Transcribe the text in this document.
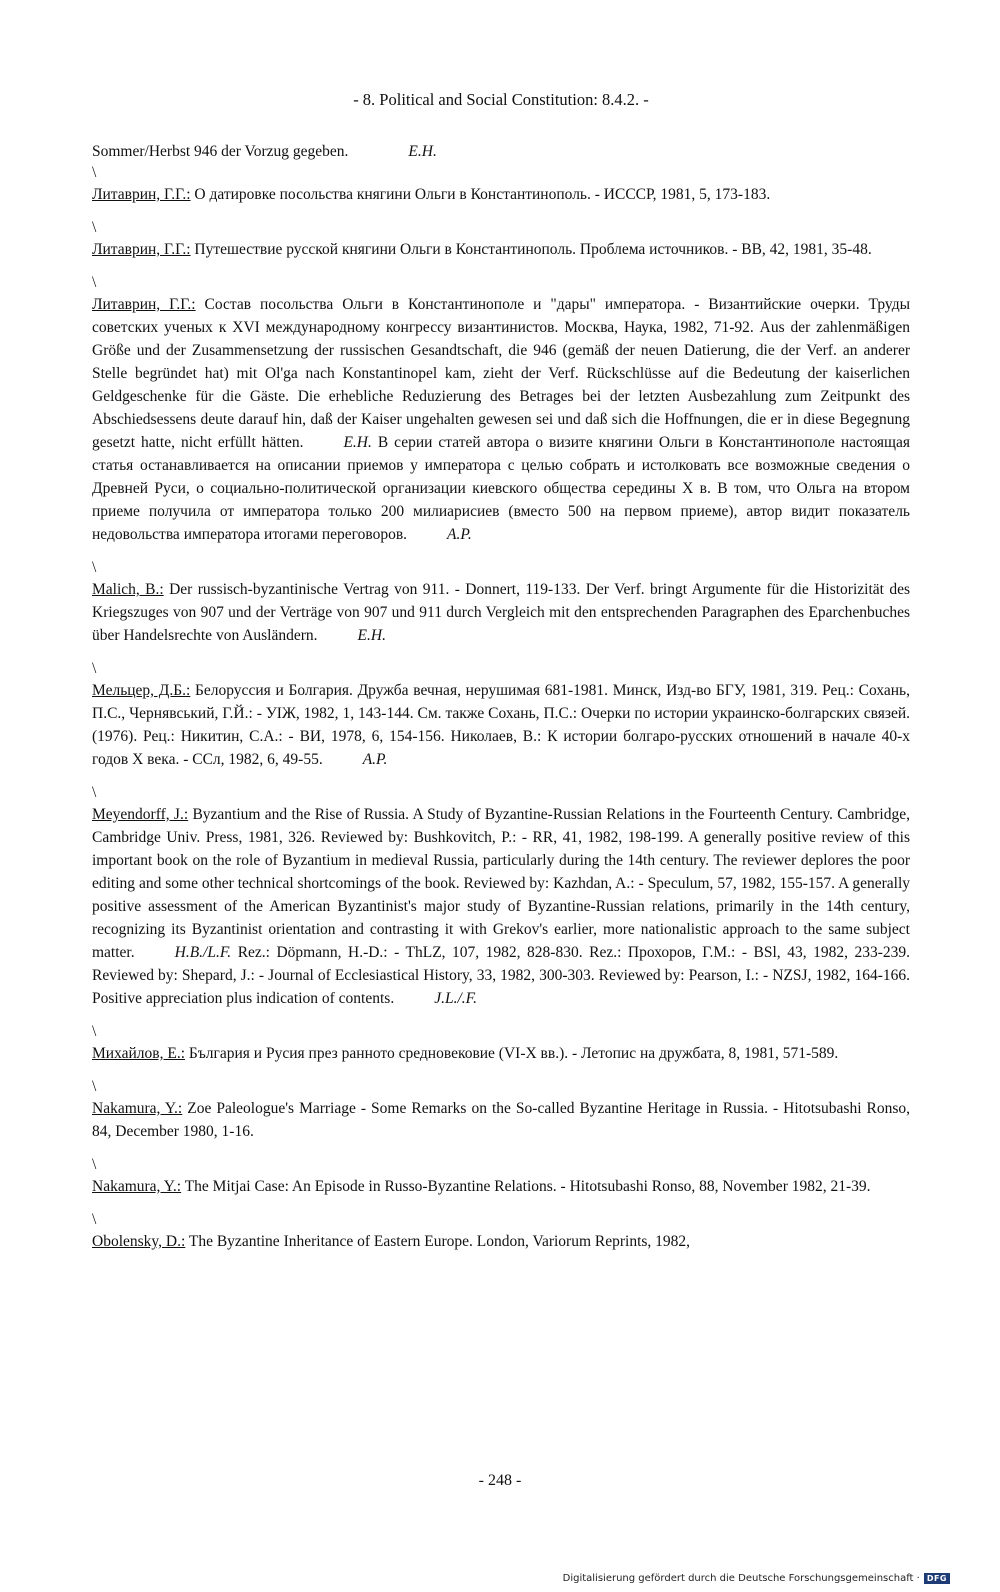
- 8. Political and Social Constitution: 8.4.2. -

Sommer/Herbst 946 der Vorzug gegeben.	E.H.

\
Литаврин, Г.Г.: О датировке посольства княгини Ольги в Константинополь. - ИСССР, 1981, 5, 173-183.

\
Литаврин, Г.Г.: Путешествие русской княгини Ольги в Константинополь. Проблема источников. - BB, 42, 1981, 35-48.

\
Литаврин, Г.Г.: Состав посольства Ольги в Константинополе и "дары" императора. - Византийские очерки. Труды советских ученых к XVI международному конгрессу византинистов. Москва, Наука, 1982, 71-92. Aus der zahlenmäßigen Größe und der Zusammensetzung der russischen Gesandtschaft, die 946 (gemäß der neuen Datierung, die der Verf. an anderer Stelle begründet hat) mit Ol'ga nach Konstantinopel kam, zieht der Verf. Rückschlüsse auf die Bedeutung der kaiserlichen Geldgeschenke für die Gäste. Die erhebliche Reduzierung des Betrages bei der letzten Ausbezahlung zum Zeitpunkt des Abschiedsessens deute darauf hin, daß der Kaiser ungehalten gewesen sei und daß sich die Hoffnungen, die er in diese Begegnung gesetzt hatte, nicht erfüllt hätten.	E.H. В серии статей автора о визите княгини Ольги в Константинополе настоящая статья останавливается на описании приемов у императора с целью собрать и истолковать все возможные сведения о Древней Руси, о социально-политической организации киевского общества середины X в. В том, что Ольга на втором приеме получила от императора только 200 милиарисиев (вместо 500 на первом приеме), автор видит показатель недовольства императора итогами переговоров.	A.P.

\
Malich, B.: Der russisch-byzantinische Vertrag von 911. - Donnert, 119-133. Der Verf. bringt Argumente für die Historizität des Kriegszuges von 907 und der Verträge von 907 und 911 durch Vergleich mit den entsprechenden Paragraphen des Eparchenbuches über Handelsrechte von Ausländern.	E.H.

\
Мельцер, Д.Б.: Белоруссия и Болгария. Дружба вечная, нерушимая 681-1981. Минск, Изд-во БГУ, 1981, 319. Рец.: Сохань, П.С., Чернявський, Г.Й.: - УІЖ, 1982, 1, 143-144. См. также Сохань, П.С.: Очерки по истории украинско-болгарских связей. (1976). Рец.: Никитин, С.А.: - ВИ, 1978, 6, 154-156. Николаев, В.: К истории болгаро-русских отношений в начале 40-х годов X века. - ССл, 1982, 6, 49-55.	A.P.

\
Meyendorff, J.: Byzantium and the Rise of Russia. A Study of Byzantine-Russian Relations in the Fourteenth Century. Cambridge, Cambridge Univ. Press, 1981, 326. Reviewed by: Bushkovitch, P.: - RR, 41, 1982, 198-199. A generally positive review of this important book on the role of Byzantium in medieval Russia, particularly during the 14th century. The reviewer deplores the poor editing and some other technical shortcomings of the book. Reviewed by: Kazhdan, A.: - Speculum, 57, 1982, 155-157. A generally positive assessment of the American Byzantinist's major study of Byzantine-Russian relations, primarily in the 14th century, recognizing its Byzantinist orientation and contrasting it with Grekov's earlier, more nationalistic approach to the same subject matter.	H.B./L.F. Rez.: Döpmann, H.-D.: - ThLZ, 107, 1982, 828-830. Rez.: Прохоров, Г.М.: - BSl, 43, 1982, 233-239. Reviewed by: Shepard, J.: - Journal of Ecclesiastical History, 33, 1982, 300-303. Reviewed by: Pearson, I.: - NZSJ, 1982, 164-166. Positive appreciation plus indication of contents.	J.L./.F.

\
Михайлов, Е.: България и Русия през ранното средновековие (VI-X вв.). - Летопис на дружбата, 8, 1981, 571-589.

\
Nakamura, Y.: Zoe Paleologue's Marriage - Some Remarks on the So-called Byzantine Heritage in Russia. - Hitotsubashi Ronso, 84, December 1980, 1-16.

\
Nakamura, Y.: The Mitjai Case: An Episode in Russo-Byzantine Relations. - Hitotsubashi Ronso, 88, November 1982, 21-39.

\
Obolensky, D.: The Byzantine Inheritance of Eastern Europe. London, Variorum Reprints, 1982,

- 248 -
Digitalisierung gefördert durch die Deutsche Forschungsgemeinschaft · DFG
